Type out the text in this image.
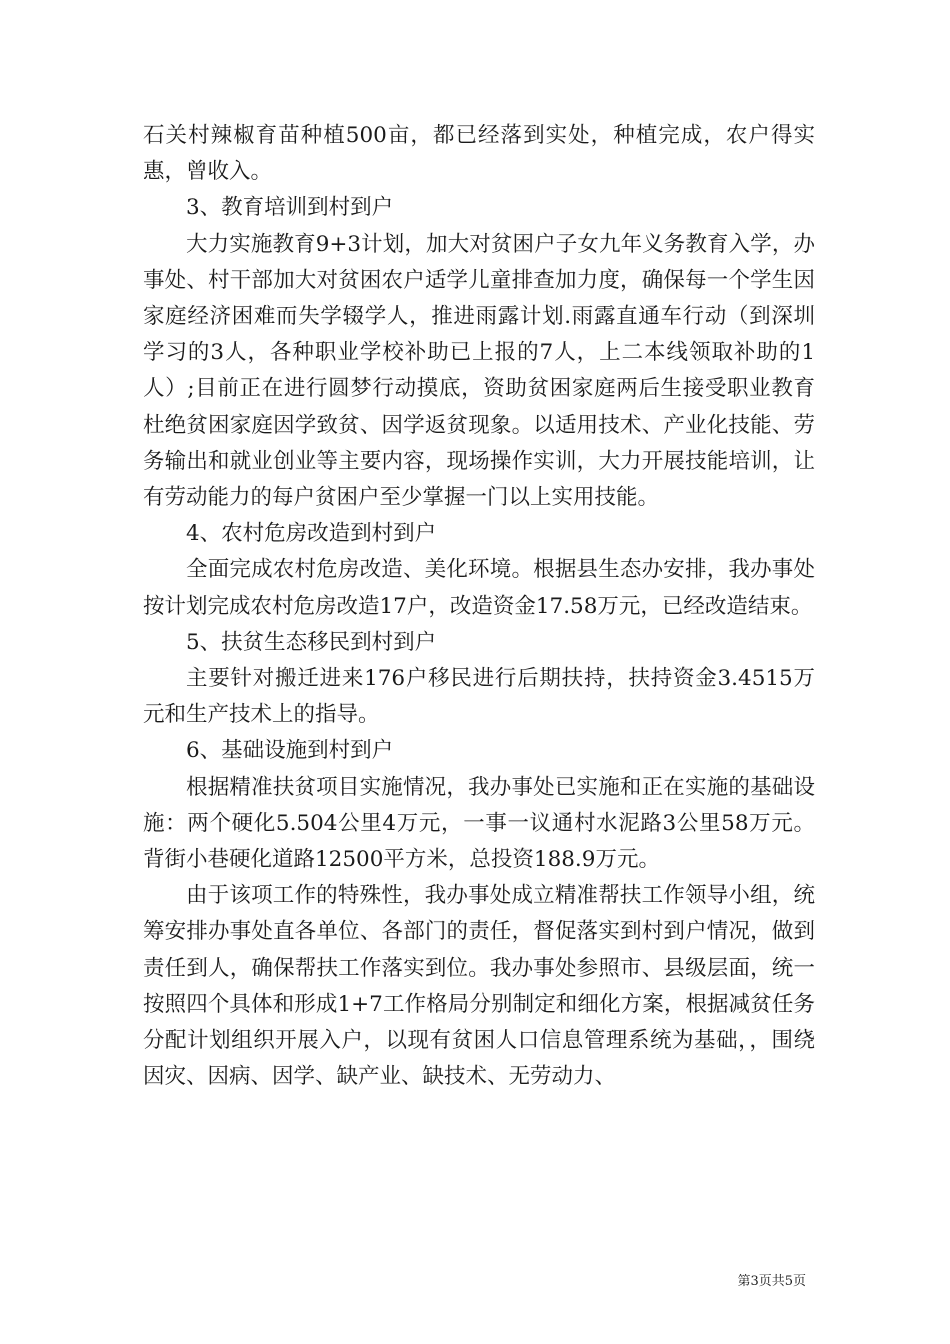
石关村辣椒育苗种植500亩，都已经落到实处，种植完成，农户得实惠，曾收入。

3、教育培训到村到户

大力实施教育9+3计划，加大对贫困户子女九年义务教育入学，办事处、村干部加大对贫困农户适学儿童排查加力度，确保每一个学生因家庭经济困难而失学辍学人，推进雨露计划.雨露直通车行动（到深圳学习的3人，各种职业学校补助已上报的7人，上二本线领取补助的1人）;目前正在进行圆梦行动摸底，资助贫困家庭两后生接受职业教育杜绝贫困家庭因学致贫、因学返贫现象。以适用技术、产业化技能、劳务输出和就业创业等主要内容，现场操作实训，大力开展技能培训，让有劳动能力的每户贫困户至少掌握一门以上实用技能。

4、农村危房改造到村到户

全面完成农村危房改造、美化环境。根据县生态办安排，我办事处按计划完成农村危房改造17户，改造资金17.58万元，已经改造结束。

5、扶贫生态移民到村到户

主要针对搬迁进来176户移民进行后期扶持，扶持资金3.4515万元和生产技术上的指导。

6、基础设施到村到户

根据精准扶贫项目实施情况，我办事处已实施和正在实施的基础设施：两个硬化5.504公里4万元，一事一议通村水泥路3公里58万元。背街小巷硬化道路12500平方米，总投资188.9万元。

由于该项工作的特殊性，我办事处成立精准帮扶工作领导小组，统筹安排办事处直各单位、各部门的责任，督促落实到村到户情况，做到责任到人，确保帮扶工作落实到位。我办事处参照市、县级层面，统一按照四个具体和形成1+7工作格局分别制定和细化方案，根据减贫任务分配计划组织开展入户，以现有贫困人口信息管理系统为基础，，围绕因灾、因病、因学、缺产业、缺技术、无劳动力、

第3页共5页
